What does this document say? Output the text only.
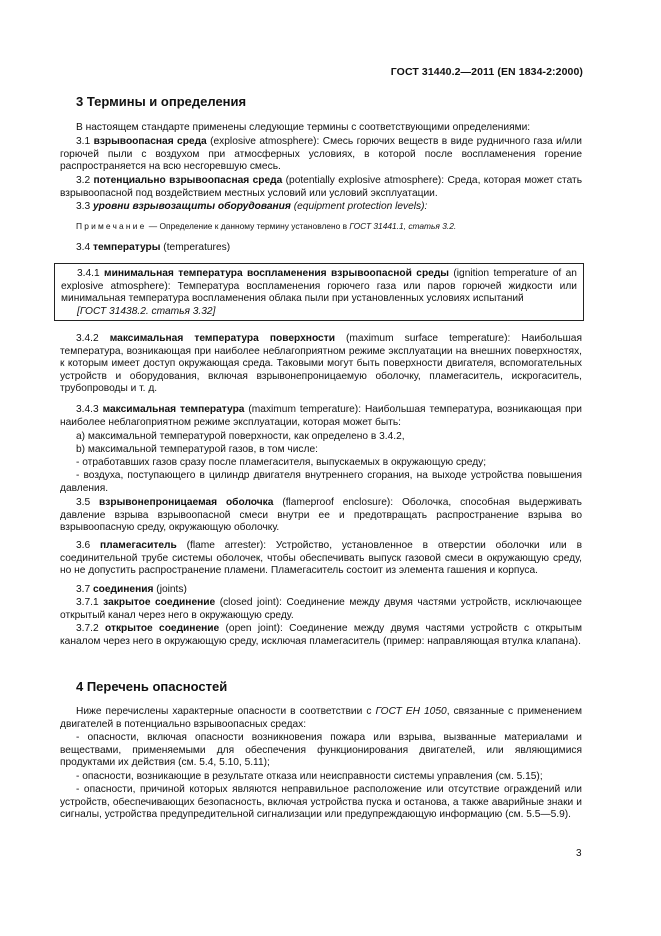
ГОСТ 31440.2—2011 (EN 1834-2:2000)
3 Термины и определения
В настоящем стандарте применены следующие термины с соответствующими определениями:
3.1 взрывоопасная среда (explosive atmosphere): Смесь горючих веществ в виде рудничного газа и/или горючей пыли с воздухом при атмосферных условиях, в которой после воспламенения горение распространяется на всю несгоревшую смесь.
3.2 потенциально взрывоопасная среда (potentially explosive atmosphere): Среда, которая может стать взрывоопасной под воздействием местных условий или условий эксплуатации.
3.3 уровни взрывозащиты оборудования (equipment protection levels):
Примечание — Определение к данному термину установлено в ГОСТ 31441.1, статья 3.2.
3.4 температуры (temperatures)
3.4.1 минимальная температура воспламенения взрывоопасной среды (ignition temperature of an explosive atmosphere): Температура воспламенения горючего газа или паров горючей жидкости или минимальная температура воспламенения облака пыли при установленных условиях испытаний
[ГОСТ 31438.2. статья 3.32]
3.4.2 максимальная температура поверхности (maximum surface temperature): Наибольшая температура, возникающая при наиболее неблагоприятном режиме эксплуатации на внешних поверхностях, к которым имеет доступ окружающая среда. Таковыми могут быть поверхности двигателя, вспомогательных устройств и оборудования, включая взрывонепроницаемую оболочку, пламегаситель, искрогаситель, трубопроводы и т. д.
3.4.3 максимальная температура (maximum temperature): Наибольшая температура, возникающая при наиболее неблагоприятном режиме эксплуатации, которая может быть:
a) максимальной температурой поверхности, как определено в 3.4.2,
b) максимальной температурой газов, в том числе:
- отработавших газов сразу после пламегасителя, выпускаемых в окружающую среду;
- воздуха, поступающего в цилиндр двигателя внутреннего сгорания, на выходе устройства повышения давления.
3.5 взрывонепроницаемая оболочка (flameproof enclosure): Оболочка, способная выдерживать давление взрыва взрывоопасной смеси внутри ее и предотвращать распространение взрыва во взрывоопасную среду, окружающую оболочку.
3.6 пламегаситель (flame arrester): Устройство, установленное в отверстии оболочки или в соединительной трубе системы оболочек, чтобы обеспечивать выпуск газовой смеси в окружающую среду, но не допустить распространение пламени. Пламегаситель состоит из элемента гашения и корпуса.
3.7 соединения (joints)
3.7.1 закрытое соединение (closed joint): Соединение между двумя частями устройств, исключающее открытый канал через него в окружающую среду.
3.7.2 открытое соединение (open joint): Соединение между двумя частями устройств с открытым каналом через него в окружающую среду, исключая пламегаситель (пример: направляющая втулка клапана).
4 Перечень опасностей
Ниже перечислены характерные опасности в соответствии с ГОСТ ЕН 1050, связанные с применением двигателей в потенциально взрывоопасных средах:
- опасности, включая опасности возникновения пожара или взрыва, вызванные материалами и веществами, применяемыми для обеспечения функционирования двигателей, или являющимися продуктами их действия (см. 5.4, 5.10, 5.11);
- опасности, возникающие в результате отказа или неисправности системы управления (см. 5.15);
- опасности, причиной которых являются неправильное расположение или отсутствие ограждений или устройств, обеспечивающих безопасность, включая устройства пуска и останова, а также аварийные знаки и сигналы, устройства предупредительной сигнализации или предупреждающую информацию (см. 5.5—5.9).
3
